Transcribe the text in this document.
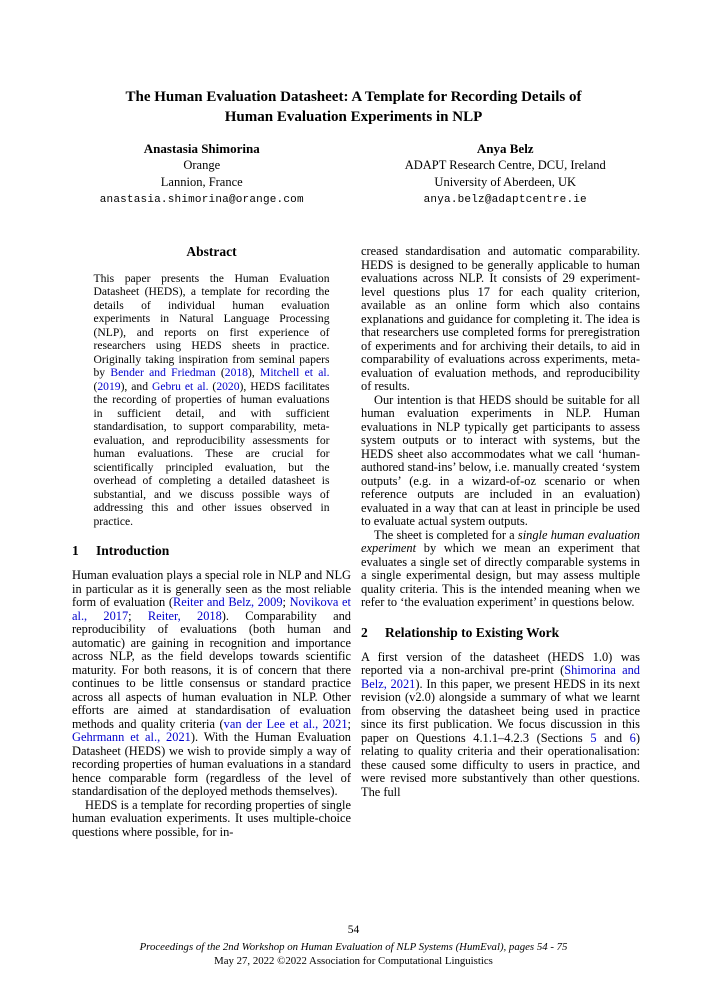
The Human Evaluation Datasheet: A Template for Recording Details of
Human Evaluation Experiments in NLP
Anastasia Shimorina
Orange
Lannion, France
anastasia.shimorina@orange.com
Anya Belz
ADAPT Research Centre, DCU, Ireland
University of Aberdeen, UK
anya.belz@adaptcentre.ie
Abstract
This paper presents the Human Evaluation Datasheet (HEDS), a template for recording the details of individual human evaluation experiments in Natural Language Processing (NLP), and reports on first experience of researchers using HEDS sheets in practice. Originally taking inspiration from seminal papers by Bender and Friedman (2018), Mitchell et al. (2019), and Gebru et al. (2020), HEDS facilitates the recording of properties of human evaluations in sufficient detail, and with sufficient standardisation, to support comparability, meta-evaluation, and reproducibility assessments for human evaluations. These are crucial for scientifically principled evaluation, but the overhead of completing a detailed datasheet is substantial, and we discuss possible ways of addressing this and other issues observed in practice.
1 Introduction

Human evaluation plays a special role in NLP and NLG in particular as it is generally seen as the most reliable form of evaluation (Reiter and Belz, 2009; Novikova et al., 2017; Reiter, 2018). Comparability and reproducibility of evaluations (both human and automatic) are gaining in recognition and importance across NLP, as the field develops towards scientific maturity. For both reasons, it is of concern that there continues to be little consensus or standard practice across all aspects of human evaluation in NLP. Other efforts are aimed at standardisation of evaluation methods and quality criteria (van der Lee et al., 2021; Gehrmann et al., 2021). With the Human Evaluation Datasheet (HEDS) we wish to provide simply a way of recording properties of human evaluations in a standard hence comparable form (regardless of the level of standardisation of the deployed methods themselves).

HEDS is a template for recording properties of single human evaluation experiments. It uses multiple-choice questions where possible, for in-

creased standardisation and automatic comparability. HEDS is designed to be generally applicable to human evaluations across NLP. It consists of 29 experiment-level questions plus 17 for each quality criterion, available as an online form which also contains explanations and guidance for completing it. The idea is that researchers use completed forms for preregistration of experiments and for archiving their details, to aid in comparability of evaluations across experiments, meta-evaluation of evaluation methods, and reproducibility of results.

Our intention is that HEDS should be suitable for all human evaluation experiments in NLP. Human evaluations in NLP typically get participants to assess system outputs or to interact with systems, but the HEDS sheet also accommodates what we call ‘human-authored stand-ins’ below, i.e. manually created ‘system outputs’ (e.g. in a wizard-of-oz scenario or when reference outputs are included in an evaluation) evaluated in a way that can at least in principle be used to evaluate actual system outputs.

The sheet is completed for a single human evaluation experiment by which we mean an experiment that evaluates a single set of directly comparable systems in a single experimental design, but may assess multiple quality criteria. This is the intended meaning when we refer to ‘the evaluation experiment’ in questions below.

2 Relationship to Existing Work

A first version of the datasheet (HEDS 1.0) was reported via a non-archival pre-print (Shimorina and Belz, 2021). In this paper, we present HEDS in its next revision (v2.0) alongside a summary of what we learnt from observing the datasheet being used in practice since its first publication. We focus discussion in this paper on Questions 4.1.1–4.2.3 (Sections 5 and 6) relating to quality criteria and their operationalisation: these caused some difficulty to users in practice, and were revised more substantively than other questions. The full

54
Proceedings of the 2nd Workshop on Human Evaluation of NLP Systems (HumEval), pages 54 - 75
May 27, 2022 ©2022 Association for Computational Linguistics
